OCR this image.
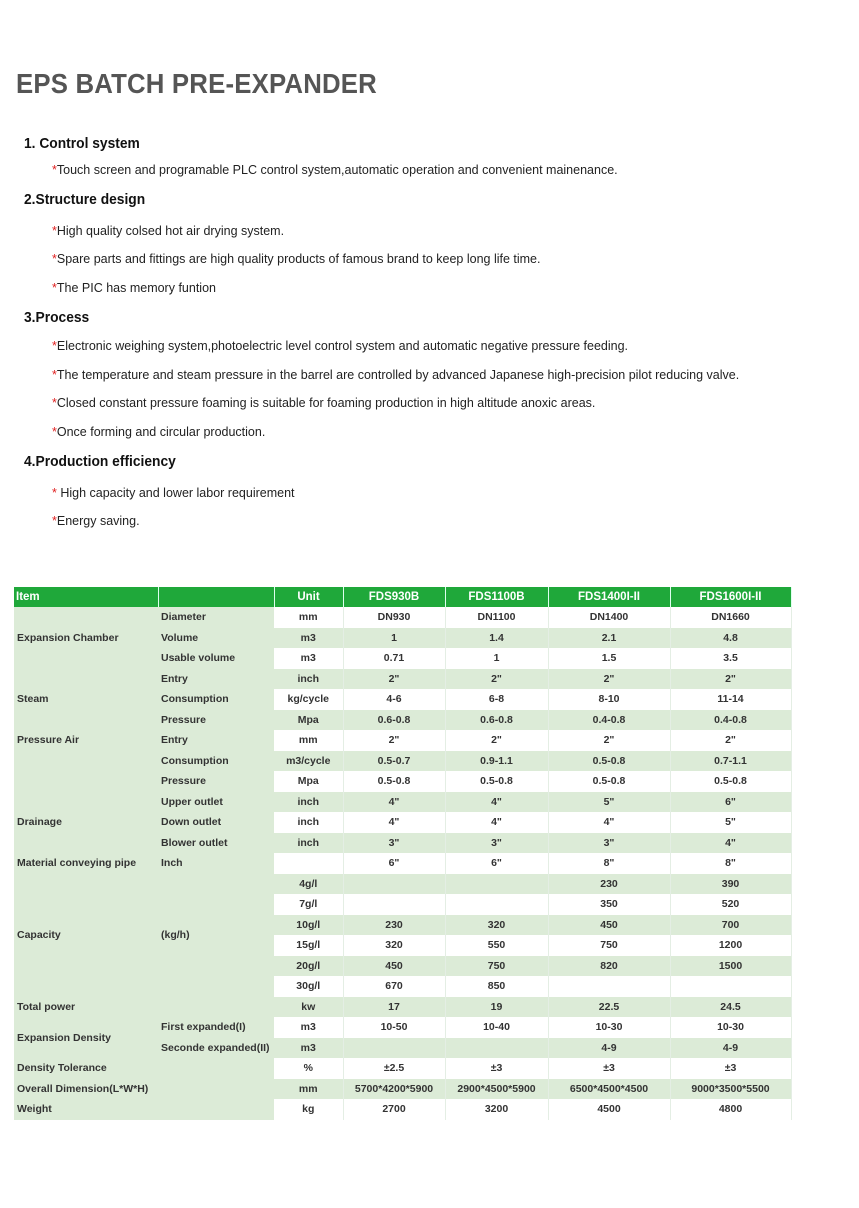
EPS BATCH PRE-EXPANDER
1. Control system
*Touch screen and programable PLC control system,automatic operation and convenient mainenance.
2.Structure design
*High quality colsed hot air drying system.
*Spare parts and fittings are high quality products of famous brand to keep long life time.
*The PIC has memory funtion
3.Process
*Electronic weighing system,photoelectric level control system and automatic negative pressure feeding.
*The temperature and steam pressure in the barrel are controlled by advanced Japanese high-precision pilot reducing valve.
*Closed constant pressure foaming is suitable for foaming production in high altitude anoxic areas.
*Once forming and circular production.
4.Production efficiency
* High capacity and lower labor requirement
*Energy saving.
Item		Unit	FDS930B	FDS1100B	FDS1400I-II	FDS1600I-II
Expansion Chamber	Diameter	mm	DN930	DN1100	DN1400	DN1660
	Volume	m3	1	1.4	2.1	4.8
	Usable volume	m3	0.71	1	1.5	3.5
Steam	Entry	inch	2"	2"	2"	2"
	Consumption	kg/cycle	4-6	6-8	8-10	11-14
	Pressure	Mpa	0.6-0.8	0.6-0.8	0.4-0.8	0.4-0.8
Pressure Air	Entry	mm	2"	2"	2"	2"
	Consumption	m3/cycle	0.5-0.7	0.9-1.1	0.5-0.8	0.7-1.1
	Pressure	Mpa	0.5-0.8	0.5-0.8	0.5-0.8	0.5-0.8
Drainage	Upper outlet	inch	4"	4"	5"	6"
	Down outlet	inch	4"	4"	4"	5"
	Blower outlet	inch	3"	3"	3"	4"
Material conveying pipe	Inch		6"	6"	8"	8"
Capacity	(kg/h)	4g/l			230	390
		7g/l			350	520
		10g/l	230	320	450	700
		15g/l	320	550	750	1200
		20g/l	450	750	820	1500
		30g/l	670	850		
Total power		kw	17	19	22.5	24.5
Expansion Density	First expanded(I)	m3	10-50	10-40	10-30	10-30
	Seconde expanded(II)	m3			4-9	4-9
Density Tolerance		%	±2.5	±3	±3	±3
Overall Dimension(L*W*H)		mm	5700*4200*5900	2900*4500*5900	6500*4500*4500	9000*3500*5500
Weight		kg	2700	3200	4500	4800
